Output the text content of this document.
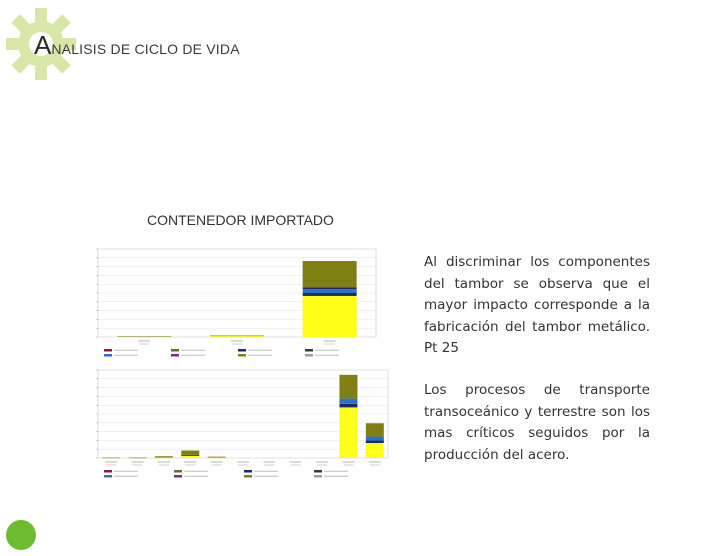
ANALISIS DE CICLO DE VIDA
CONTENEDOR IMPORTADO
Al discriminar los componentes del tambor se observa que el mayor impacto corresponde a la fabricación del tambor metálico. Pt 25
Los procesos de transporte transoceánico y terrestre son los mas críticos seguidos por la producción del acero.
